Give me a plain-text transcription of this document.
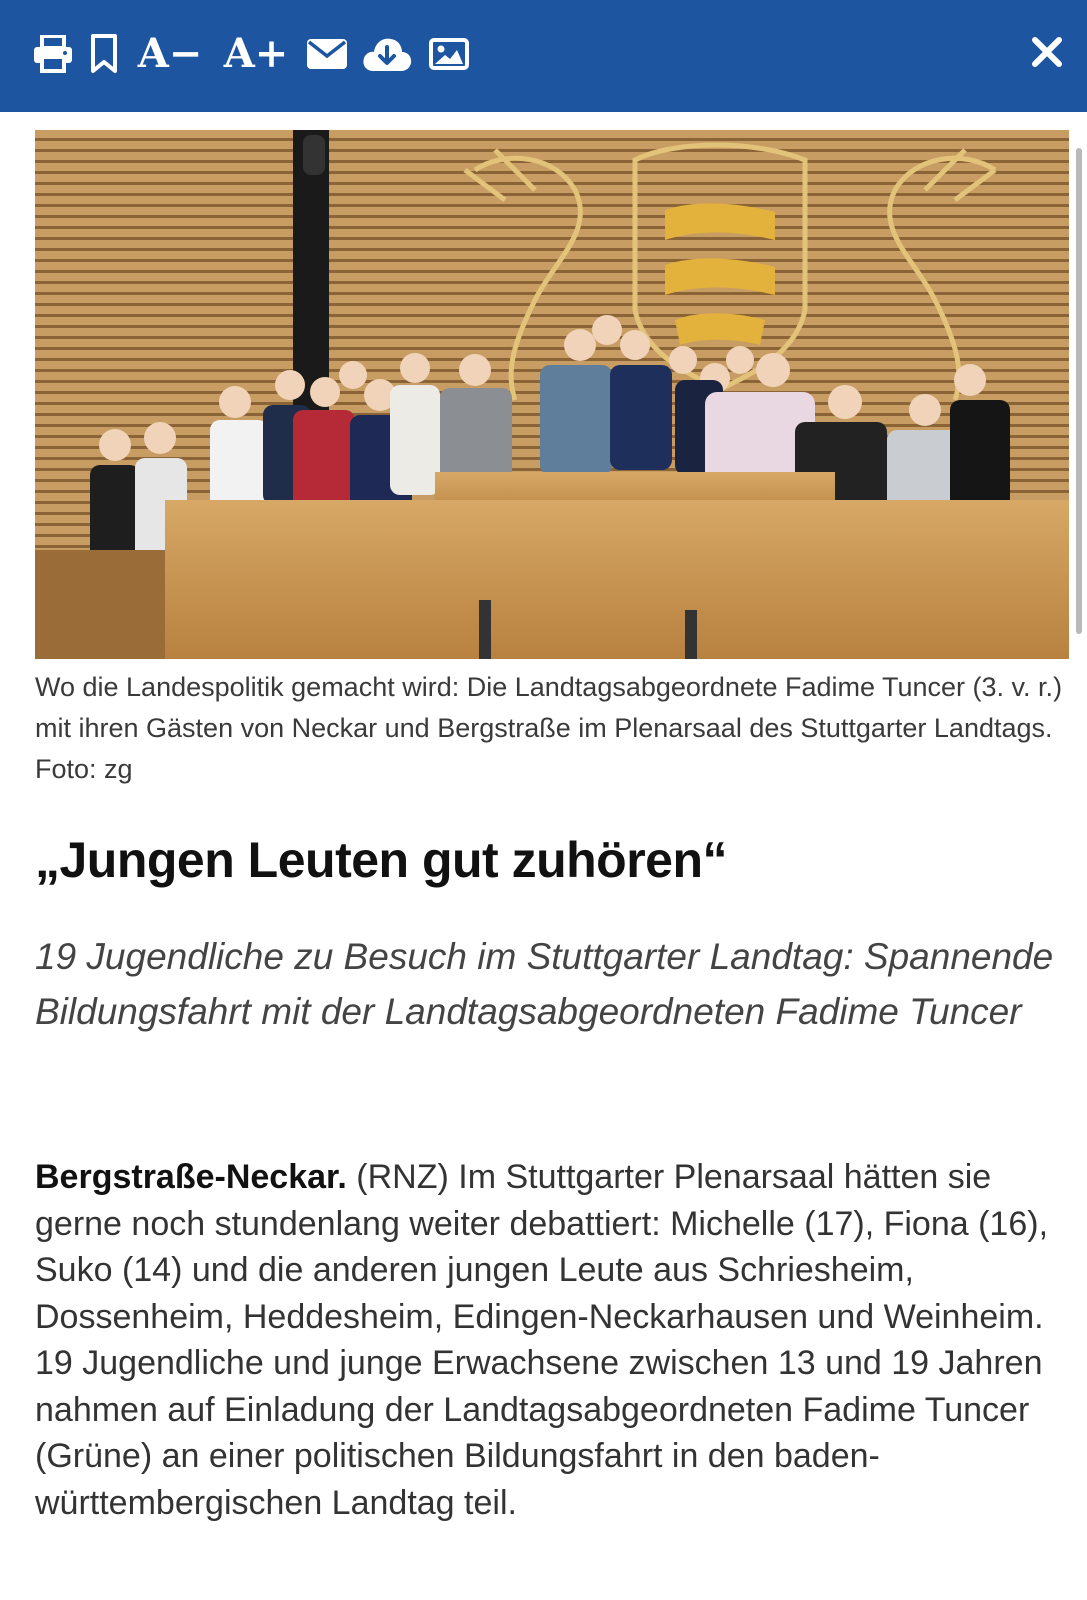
A− A+
Wo die Landespolitik gemacht wird: Die Landtagsabgeordnete Fadime Tuncer (3. v. r.) mit ihren Gästen von Neckar und Bergstraße im Plenarsaal des Stuttgarter Landtags. Foto: zg
„Jungen Leuten gut zuhören“
19 Jugendliche zu Besuch im Stuttgarter Landtag: Spannende Bildungsfahrt mit der Landtagsabgeordneten Fadime Tuncer
Bergstraße-Neckar. (RNZ) Im Stuttgarter Plenarsaal hätten sie gerne noch stundenlang weiter debattiert: Michelle (17), Fiona (16), Suko (14) und die anderen jungen Leute aus Schriesheim, Dossenheim, Heddesheim, Edingen-Neckarhausen und Weinheim. 19 Jugendliche und junge Erwachsene zwischen 13 und 19 Jahren nahmen auf Einladung der Landtagsabgeordneten Fadime Tuncer (Grüne) an einer politischen Bildungsfahrt in den baden-württembergischen Landtag teil.
